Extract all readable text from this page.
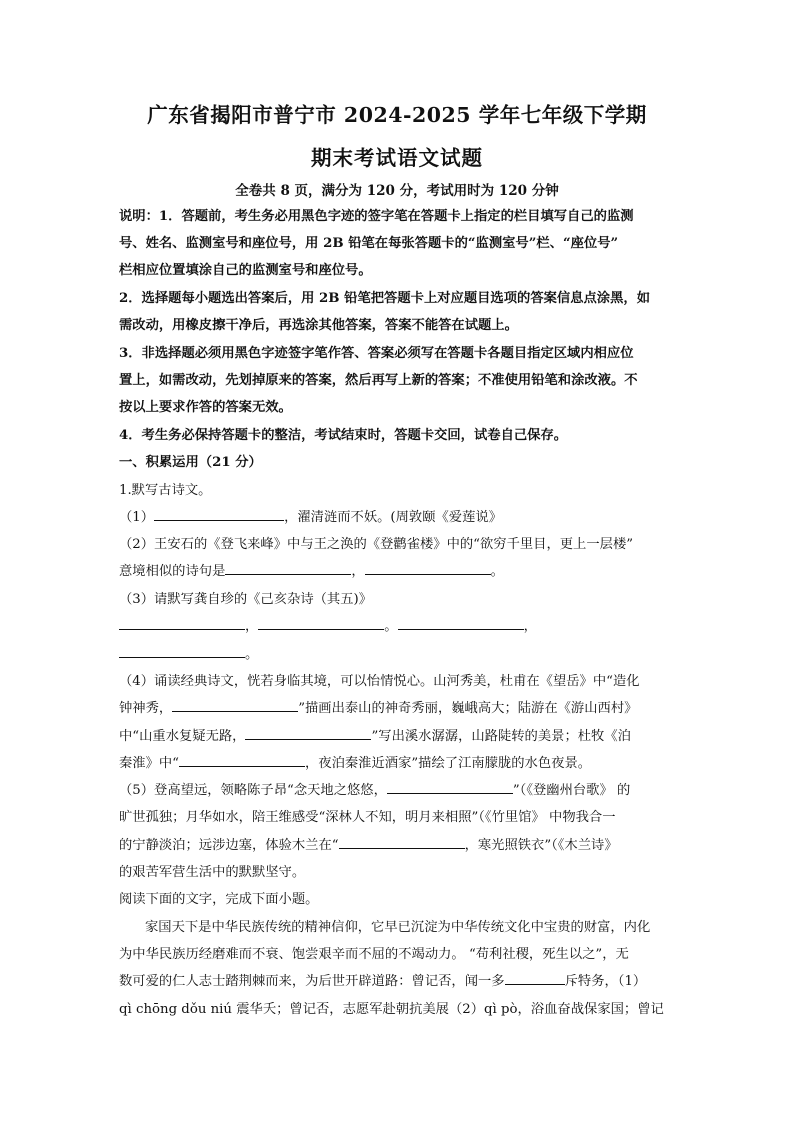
广东省揭阳市普宁市 2024-2025 学年七年级下学期
期末考试语文试题
全卷共 8 页，满分为 120 分，考试用时为 120 分钟
说明：1．答题前，考生务必用黑色字迹的签字笔在答题卡上指定的栏目填写自己的监测
号、姓名、监测室号和座位号，用 2B 铅笔在每张答题卡的“监测室号”栏、“座位号”
栏相应位置填涂自己的监测室号和座位号。
2．选择题每小题选出答案后，用 2B 铅笔把答题卡上对应题目选项的答案信息点涂黑，如
需改动，用橡皮擦干净后，再选涂其他答案，答案不能答在试题上。
3．非选择题必须用黑色字迹签字笔作答、答案必须写在答题卡各题目指定区域内相应位
置上，如需改动，先划掉原来的答案，然后再写上新的答案；不准使用铅笔和涂改液。不
按以上要求作答的答案无效。
4．考生务必保持答题卡的整洁，考试结束时，答题卡交回，试卷自己保存。
一、积累运用（21 分）
1.默写古诗文。
（1）	，濯清涟而不妖。(周敦颐《爱莲说》
（2）王安石的《登飞来峰》中与王之涣的《登鹳雀楼》中的“欲穷千里目，更上一层楼”
意境相似的诗句是	，	。
（3）请默写龚自珍的《己亥杂诗（其五)》
，	。	，
。
（4）诵读经典诗文，恍若身临其境，可以怡情悦心。山河秀美，杜甫在《望岳》中“造化
钟神秀，	”描画出泰山的神奇秀丽，巍峨高大；陆游在《游山西村》
中“山重水复疑无路，	”写出溪水潺潺，山路陡转的美景；杜牧《泊
秦淮》中“	，夜泊秦淮近酒家”描绘了江南朦胧的水色夜景。
（5）登高望远，领略陈子昂“念天地之悠悠，	”（《登幽州台歌》 的
旷世孤独；月华如水，陪王维感受“深林人不知，明月来相照”（《竹里馆》 中物我合一
的宁静淡泊；远涉边塞，体验木兰在“	，寒光照铁衣”（《木兰诗》
的艰苦军营生活中的默默坚守。
阅读下面的文字，完成下面小题。
家国天下是中华民族传统的精神信仰，它早已沉淀为中华传统文化中宝贵的财富，内化
为中华民族历经磨难而不衰、饱尝艰辛而不屈的不竭动力。 “苟利社稷，死生以之”，无
数可爱的仁人志士踏荆棘而来，为后世开辟道路：曾记否，闻一多	斥特务，（1）
qì chōng dǒu niú 震华夭；曾记否，志愿军赴朝抗美展（2）qì pò，浴血奋战保家国；曾记
